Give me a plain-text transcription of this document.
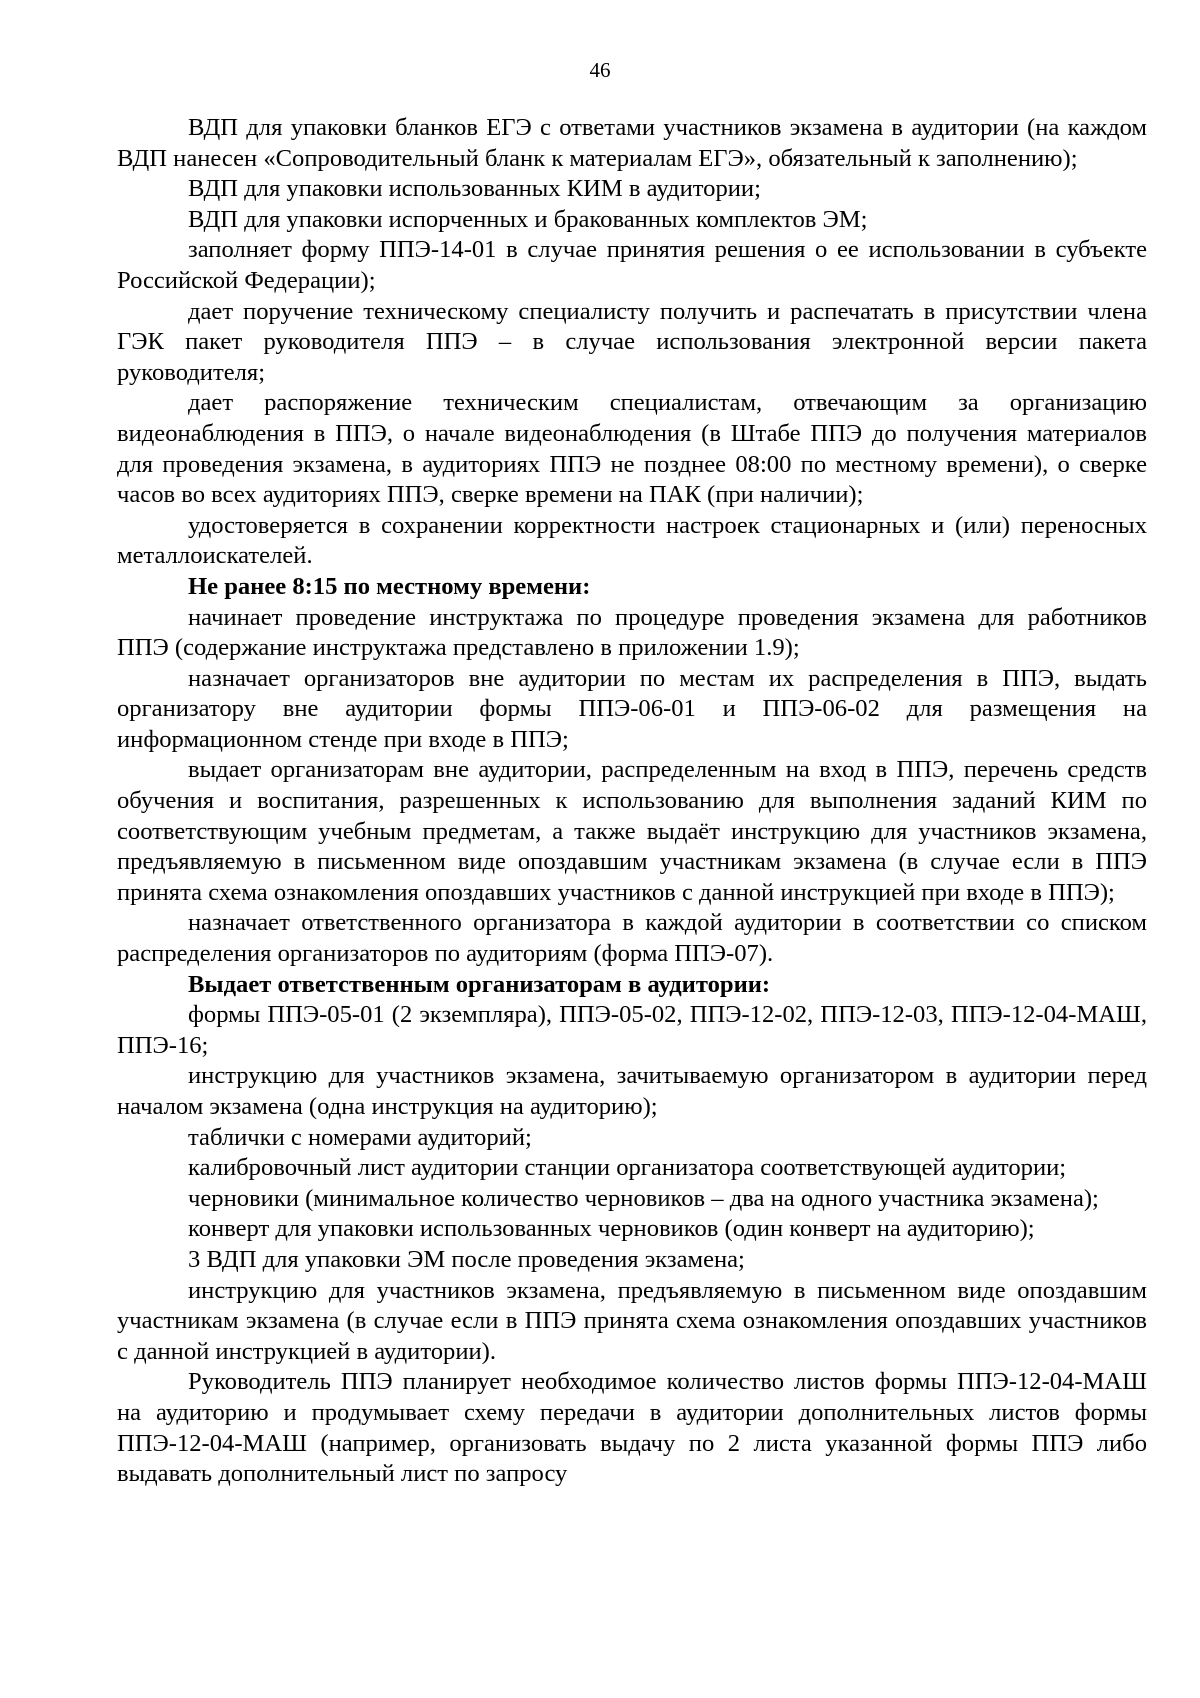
46

ВДП для упаковки бланков ЕГЭ с ответами участников экзамена в аудитории (на каждом ВДП нанесен «Сопроводительный бланк к материалам ЕГЭ», обязательный к заполнению);

ВДП для упаковки использованных КИМ в аудитории;

ВДП для упаковки испорченных и бракованных комплектов ЭМ;

заполняет форму ППЭ-14-01 в случае принятия решения о ее использовании в субъекте Российской Федерации);

дает поручение техническому специалисту получить и распечатать в присутствии члена ГЭК пакет руководителя ППЭ – в случае использования электронной версии пакета руководителя;

дает распоряжение техническим специалистам, отвечающим за организацию видеонаблюдения в ППЭ, о начале видеонаблюдения (в Штабе ППЭ до получения материалов для проведения экзамена, в аудиториях ППЭ не позднее 08:00 по местному времени), о сверке часов во всех аудиториях ППЭ, сверке времени на ПАК (при наличии);

удостоверяется в сохранении корректности настроек стационарных и (или) переносных металлоискателей.

Не ранее 8:15 по местному времени:

начинает проведение инструктажа по процедуре проведения экзамена для работников ППЭ (содержание инструктажа представлено в приложении 1.9);

назначает организаторов вне аудитории по местам их распределения в ППЭ, выдать организатору вне аудитории формы ППЭ-06-01 и ППЭ-06-02 для размещения на информационном стенде при входе в ППЭ;

выдает организаторам вне аудитории, распределенным на вход в ППЭ, перечень средств обучения и воспитания, разрешенных к использованию для выполнения заданий КИМ по соответствующим учебным предметам, а также выдаёт инструкцию для участников экзамена, предъявляемую в письменном виде опоздавшим участникам экзамена (в случае если в ППЭ принята схема ознакомления опоздавших участников с данной инструкцией при входе в ППЭ);

назначает ответственного организатора в каждой аудитории в соответствии со списком распределения организаторов по аудиториям (форма ППЭ-07).

Выдает ответственным организаторам в аудитории:

формы ППЭ-05-01 (2 экземпляра), ППЭ-05-02, ППЭ-12-02, ППЭ-12-03, ППЭ-12-04-МАШ, ППЭ-16;

инструкцию для участников экзамена, зачитываемую организатором в аудитории перед началом экзамена (одна инструкция на аудиторию);

таблички с номерами аудиторий;

калибровочный лист аудитории станции организатора соответствующей аудитории;

черновики (минимальное количество черновиков – два на одного участника экзамена);

конверт для упаковки использованных черновиков (один конверт на аудиторию);

3 ВДП для упаковки ЭМ после проведения экзамена;

инструкцию для участников экзамена, предъявляемую в письменном виде опоздавшим участникам экзамена (в случае если в ППЭ принята схема ознакомления опоздавших участников с данной инструкцией в аудитории).

Руководитель ППЭ планирует необходимое количество листов формы ППЭ-12-04-МАШ на аудиторию и продумывает схему передачи в аудитории дополнительных листов формы ППЭ-12-04-МАШ (например, организовать выдачу по 2 листа указанной формы ППЭ либо выдавать дополнительный лист по запросу
